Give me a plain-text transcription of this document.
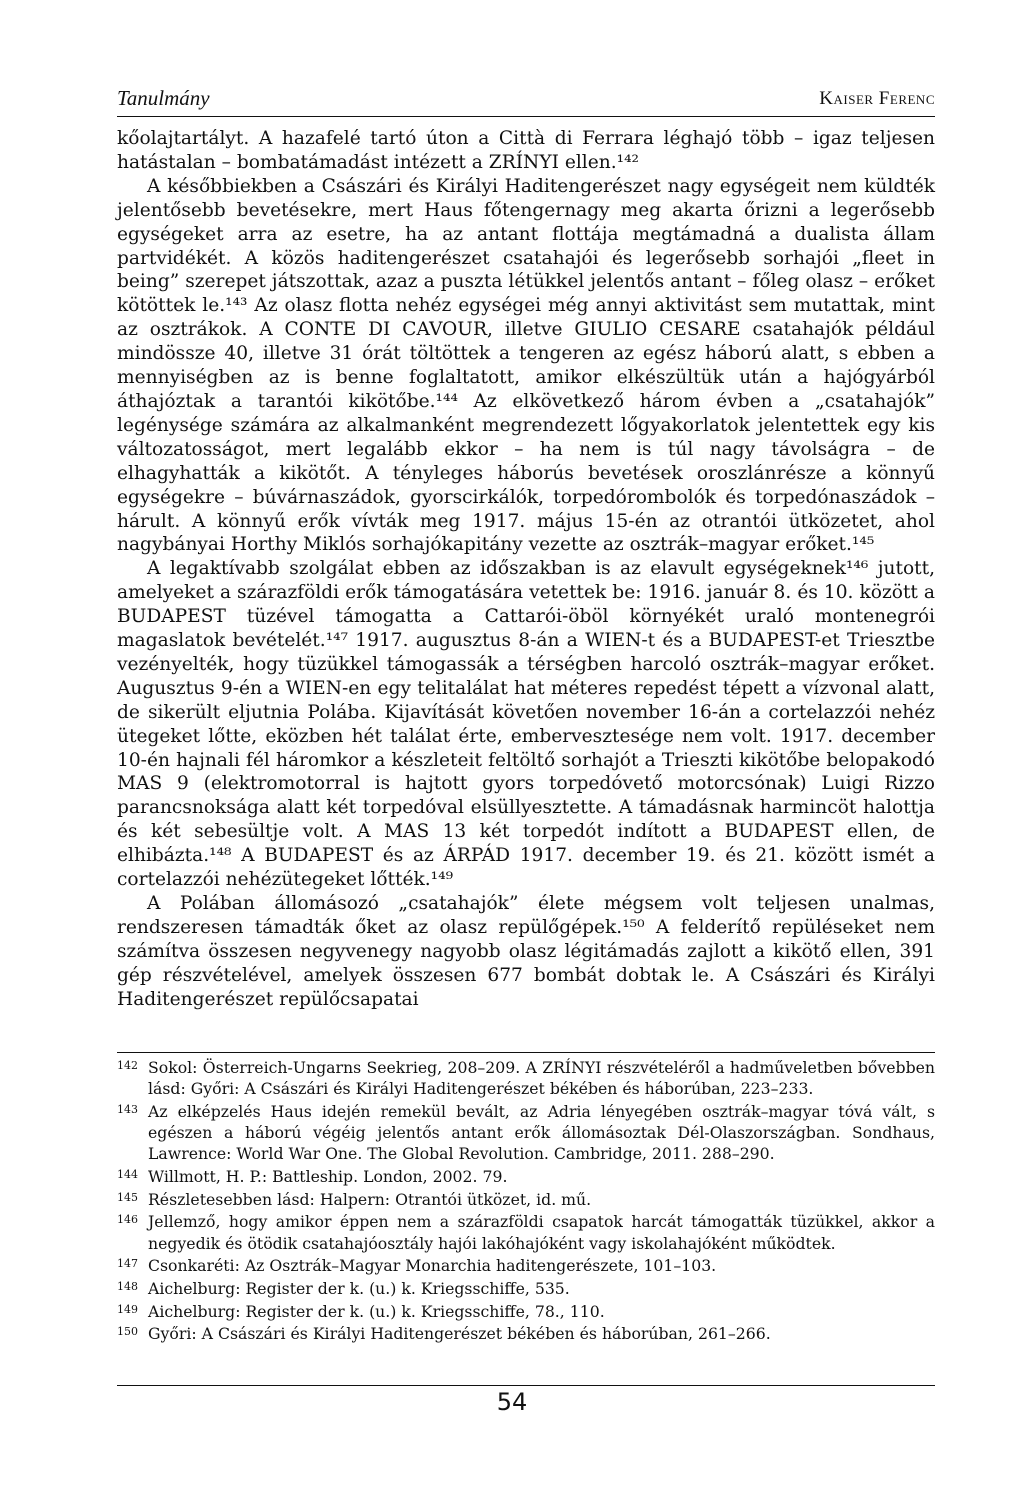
Tanulmány	Kaiser Ferenc

kőolajtartályt. A hazafelé tartó úton a Città di Ferrara léghajó több – igaz teljesen hatástalan – bombatámadást intézett a ZRÍNYI ellen.¹⁴²

A későbbiekben a Császári és Királyi Haditengerészet nagy egységeit nem küldték jelentősebb bevetésekre, mert Haus főtengernagy meg akarta őrizni a legerősebb egységeket arra az esetre, ha az antant flottája megtámadná a dualista állam partvidékét. A közös haditengerészet csatahajói és legerősebb sorhajói „fleet in being” szerepet játszottak, azaz a puszta létükkel jelentős antant – főleg olasz – erőket kötöttek le.¹⁴³ Az olasz flotta nehéz egységei még annyi aktivitást sem mutattak, mint az osztrákok. A CONTE DI CAVOUR, illetve GIULIO CESARE csatahajók például mindössze 40, illetve 31 órát töltöttek a tengeren az egész háború alatt, s ebben a mennyiségben az is benne foglaltatott, amikor elkészültük után a hajógyárból áthajóztak a tarantói kikötőbe.¹⁴⁴ Az elkövetkező három évben a „csatahajók” legénysége számára az alkalmanként megrendezett lőgyakorlatok jelentettek egy kis változatosságot, mert legalább ekkor – ha nem is túl nagy távolságra – de elhagyhatták a kikötőt. A tényleges háborús bevetések oroszlánrésze a könnyű egységekre – búvárnaszádok, gyorscirkálók, torpedórombolók és torpedónaszádok – hárult. A könnyű erők vívták meg 1917. május 15-én az otrantói ütközetet, ahol nagybányai Horthy Miklós sorhajókapitány vezette az osztrák–magyar erőket.¹⁴⁵

A legaktívabb szolgálat ebben az időszakban is az elavult egységeknek¹⁴⁶ jutott, amelyeket a szárazföldi erők támogatására vetettek be: 1916. január 8. és 10. között a BUDAPEST tüzével támogatta a Cattarói-öböl környékét uraló montenegrói magaslatok bevételét.¹⁴⁷ 1917. augusztus 8-án a WIEN-t és a BUDAPEST-et Triesztbe vezényelték, hogy tüzükkel támogassák a térségben harcoló osztrák–magyar erőket. Augusztus 9-én a WIEN-en egy telitalálat hat méteres repedést tépett a vízvonal alatt, de sikerült eljutnia Polába. Kijavítását követően november 16-án a cortelazzói nehéz ütegeket lőtte, eközben hét találat érte, embervesztesége nem volt. 1917. december 10-én hajnali fél háromkor a készleteit feltöltő sorhajót a Trieszti kikötőbe belopakodó MAS 9 (elektromotorral is hajtott gyors torpedóvető motorcsónak) Luigi Rizzo parancsnoksága alatt két torpedóval elsüllyesztette. A támadásnak harmincöt halottja és két sebesültje volt. A MAS 13 két torpedót indított a BUDAPEST ellen, de elhibázta.¹⁴⁸ A BUDAPEST és az ÁRPÁD 1917. december 19. és 21. között ismét a cortelazzói nehézütegeket lőtték.¹⁴⁹

A Polában állomásozó „csatahajók” élete mégsem volt teljesen unalmas, rendszeresen támadták őket az olasz repülőgépek.¹⁵⁰ A felderítő repüléseket nem számítva összesen negyvenegy nagyobb olasz légitámadás zajlott a kikötő ellen, 391 gép részvételével, amelyek összesen 677 bombát dobtak le. A Császári és Királyi Haditengerészet repülőcsapatai

142 Sokol: Österreich-Ungarns Seekrieg, 208–209. A ZRÍNYI részvételéről a hadműveletben bővebben lásd: Győri: A Császári és Királyi Haditengerészet békében és háborúban, 223–233.
143 Az elképzelés Haus idején remekül bevált, az Adria lényegében osztrák–magyar tóvá vált, s egészen a háború végéig jelentős antant erők állomásoztak Dél-Olaszországban. Sondhaus, Lawrence: World War One. The Global Revolution. Cambridge, 2011. 288–290.
144 Willmott, H. P.: Battleship. London, 2002. 79.
145 Részletesebben lásd: Halpern: Otrantói ütközet, id. mű.
146 Jellemző, hogy amikor éppen nem a szárazföldi csapatok harcát támogatták tüzükkel, akkor a negyedik és ötödik csatahajóosztály hajói lakóhajóként vagy iskolahajóként működtek.
147 Csonkaréti: Az Osztrák–Magyar Monarchia haditengerészete, 101–103.
148 Aichelburg: Register der k. (u.) k. Kriegsschiffe, 535.
149 Aichelburg: Register der k. (u.) k. Kriegsschiffe, 78., 110.
150 Győri: A Császári és Királyi Haditengerészet békében és háborúban, 261–266.
54
